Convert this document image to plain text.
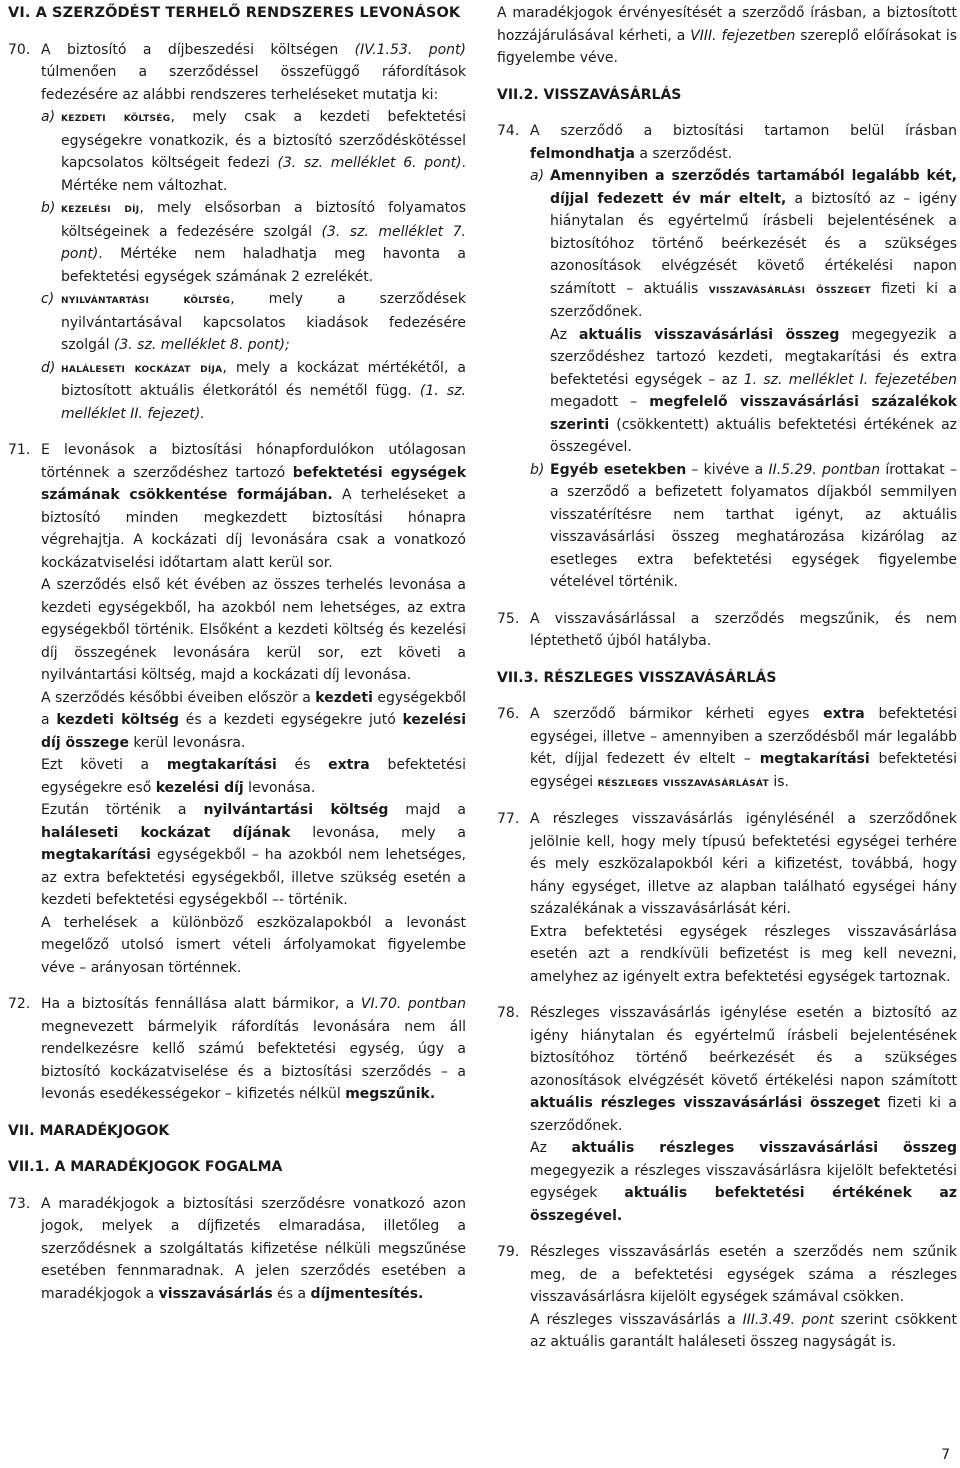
VI. A SZERZŐDÉST TERHELŐ RENDSZERES LEVONÁSOK
70. A biztosító a díjbeszedési költségen (IV.1.53. pont) túlmenően a szerződéssel összefüggő ráfordítások fedezésére az alábbi rendszeres terheléseket mutatja ki:

a) kezdeti költség, mely csak a kezdeti befektetési egységekre vonatkozik, és a biztosító szerződéskötéssel kapcsolatos költségeit fedezi (3. sz. melléklet 6. pont). Mértéke nem változhat.
b) kezelési díj, mely elsősorban a biztosító folyamatos költségeinek a fedezésére szolgál (3. sz. melléklet 7. pont). Mértéke nem haladhatja meg havonta a befektetési egységek számának 2 ezrelékét.
c) nyilvántartási költség, mely a szerződések nyilvántartásával kapcsolatos kiadások fedezésére szolgál (3. sz. melléklet 8. pont);
d) haláleseti kockázat díja, mely a kockázat mértékétől, a biztosított aktuális életkorától és nemétől függ. (1. sz. melléklet II. fejezet).
71. E levonások a biztosítási hónapfordulókon utólagosan történnek a szerződéshez tartozó befektetési egységek számának csökkentése formájában. A terheléseket a biztosító minden megkezdett biztosítási hónapra végrehajtja. A kockázati díj levonására csak a vonatkozó kockázatviselési időtartam alatt kerül sor.

A szerződés első két évében az összes terhelés levonása a kezdeti egységekből, ha azokból nem lehetséges, az extra egységekből történik. Elsőként a kezdeti költség és kezelési díj összegének levonására kerül sor, ezt követi a nyilvántartási költség, majd a kockázati díj levonása.

A szerződés későbbi éveiben először a kezdeti egységekből a kezdeti költség és a kezdeti egységekre jutó kezelési díj összege kerül levonásra.

Ezt követi a megtakarítási és extra befektetési egységekre eső kezelési díj levonása.

Ezután történik a nyilvántartási költség majd a haláleseti kockázat díjának levonása, mely a megtakarítási egységekből – ha azokból nem lehetséges, az extra befektetési egységekből, illetve szükség esetén a kezdeti befektetési egységekből –- történik.

A terhelések a különböző eszközalapokból a levonást megelőző utolsó ismert vételi árfolyamokat figyelembe véve – arányosan történnek.

72. Ha a biztosítás fennállása alatt bármikor, a VI.70. pontban megnevezett bármelyik ráfordítás levonására nem áll rendelkezésre kellő számú befektetési egység, úgy a biztosító kockázatviselése és a biztosítási szerződés – a levonás esedékességekor – kifizetés nélkül megszűnik.

VII. MARADÉKJOGOK
VII.1. A MARADÉKJOGOK FOGALMA
73. A maradékjogok a biztosítási szerződésre vonatkozó azon jogok, melyek a díjfizetés elmaradása, illetőleg a szerződésnek a szolgáltatás kifizetése nélküli megszűnése esetében fennmaradnak. A jelen szerződés esetében a maradékjogok a visszavásárlás és a díjmentesítés.

A maradékjogok érvényesítését a szerződő írásban, a biztosított hozzájárulásával kérheti, a VIII. fejezetben szereplő előírásokat is figyelembe véve.

VII.2. VISSZAVÁSÁRLÁS
74. A szerződő a biztosítási tartamon belül írásban felmondhatja a szerződést.

a) Amennyiben a szerződés tartamából legalább két, díjjal fedezett év már eltelt, a biztosító az – igény hiánytalan és egyértelmű írásbeli bejelentésének a biztosítóhoz történő beérkezését és a szükséges azonosítások elvégzését követő értékelési napon számított – aktuális visszavásárlási összeget fizeti ki a szerződőnek.
Az aktuális visszavásárlási összeg megegyezik a szerződéshez tartozó kezdeti, megtakarítási és extra befektetési egységek – az 1. sz. melléklet I. fejezetében megadott – megfelelő visszavásárlási százalékok szerinti (csökkentett) aktuális befektetési értékének az összegével.
b) Egyéb esetekben – kivéve a II.5.29. pontban írottakat – a szerződő a befizetett folyamatos díjakból semmilyen visszatérítésre nem tarthat igényt, az aktuális visszavásárlási összeg meghatározása kizárólag az esetleges extra befektetési egységek figyelembe vételével történik.
75. A visszavásárlással a szerződés megszűnik, és nem léptethető újból hatályba.

VII.3. RÉSZLEGES VISSZAVÁSÁRLÁS
76. A szerződő bármikor kérheti egyes extra befektetési egységei, illetve – amennyiben a szerződésből már legalább két, díjjal fedezett év eltelt – megtakarítási befektetési egységei részleges visszavásárlását is.

77. A részleges visszavásárlás igénylésénél a szerződőnek jelölnie kell, hogy mely típusú befektetési egységei terhére és mely eszközalapokból kéri a kifizetést, továbbá, hogy hány egységet, illetve az alapban található egységei hány százalékának a visszavásárlását kéri.

Extra befektetési egységek részleges visszavásárlása esetén azt a rendkívüli befizetést is meg kell nevezni, amelyhez az igényelt extra befektetési egységek tartoznak.

78. Részleges visszavásárlás igénylése esetén a biztosító az igény hiánytalan és egyértelmű írásbeli bejelentésének biztosítóhoz történő beérkezését és a szükséges azonosítások elvégzését követő értékelési napon számított aktuális részleges visszavásárlási összeget fizeti ki a szerződőnek.

Az aktuális részleges visszavásárlási összeg megegyezik a részleges visszavásárlásra kijelölt befektetési egységek aktuális befektetési értékének az összegével.

79. Részleges visszavásárlás esetén a szerződés nem szűnik meg, de a befektetési egységek száma a részleges visszavásárlásra kijelölt egységek számával csökken.

A részleges visszavásárlás a III.3.49. pont szerint csökkent az aktuális garantált haláleseti összeg nagyságát is.

7
